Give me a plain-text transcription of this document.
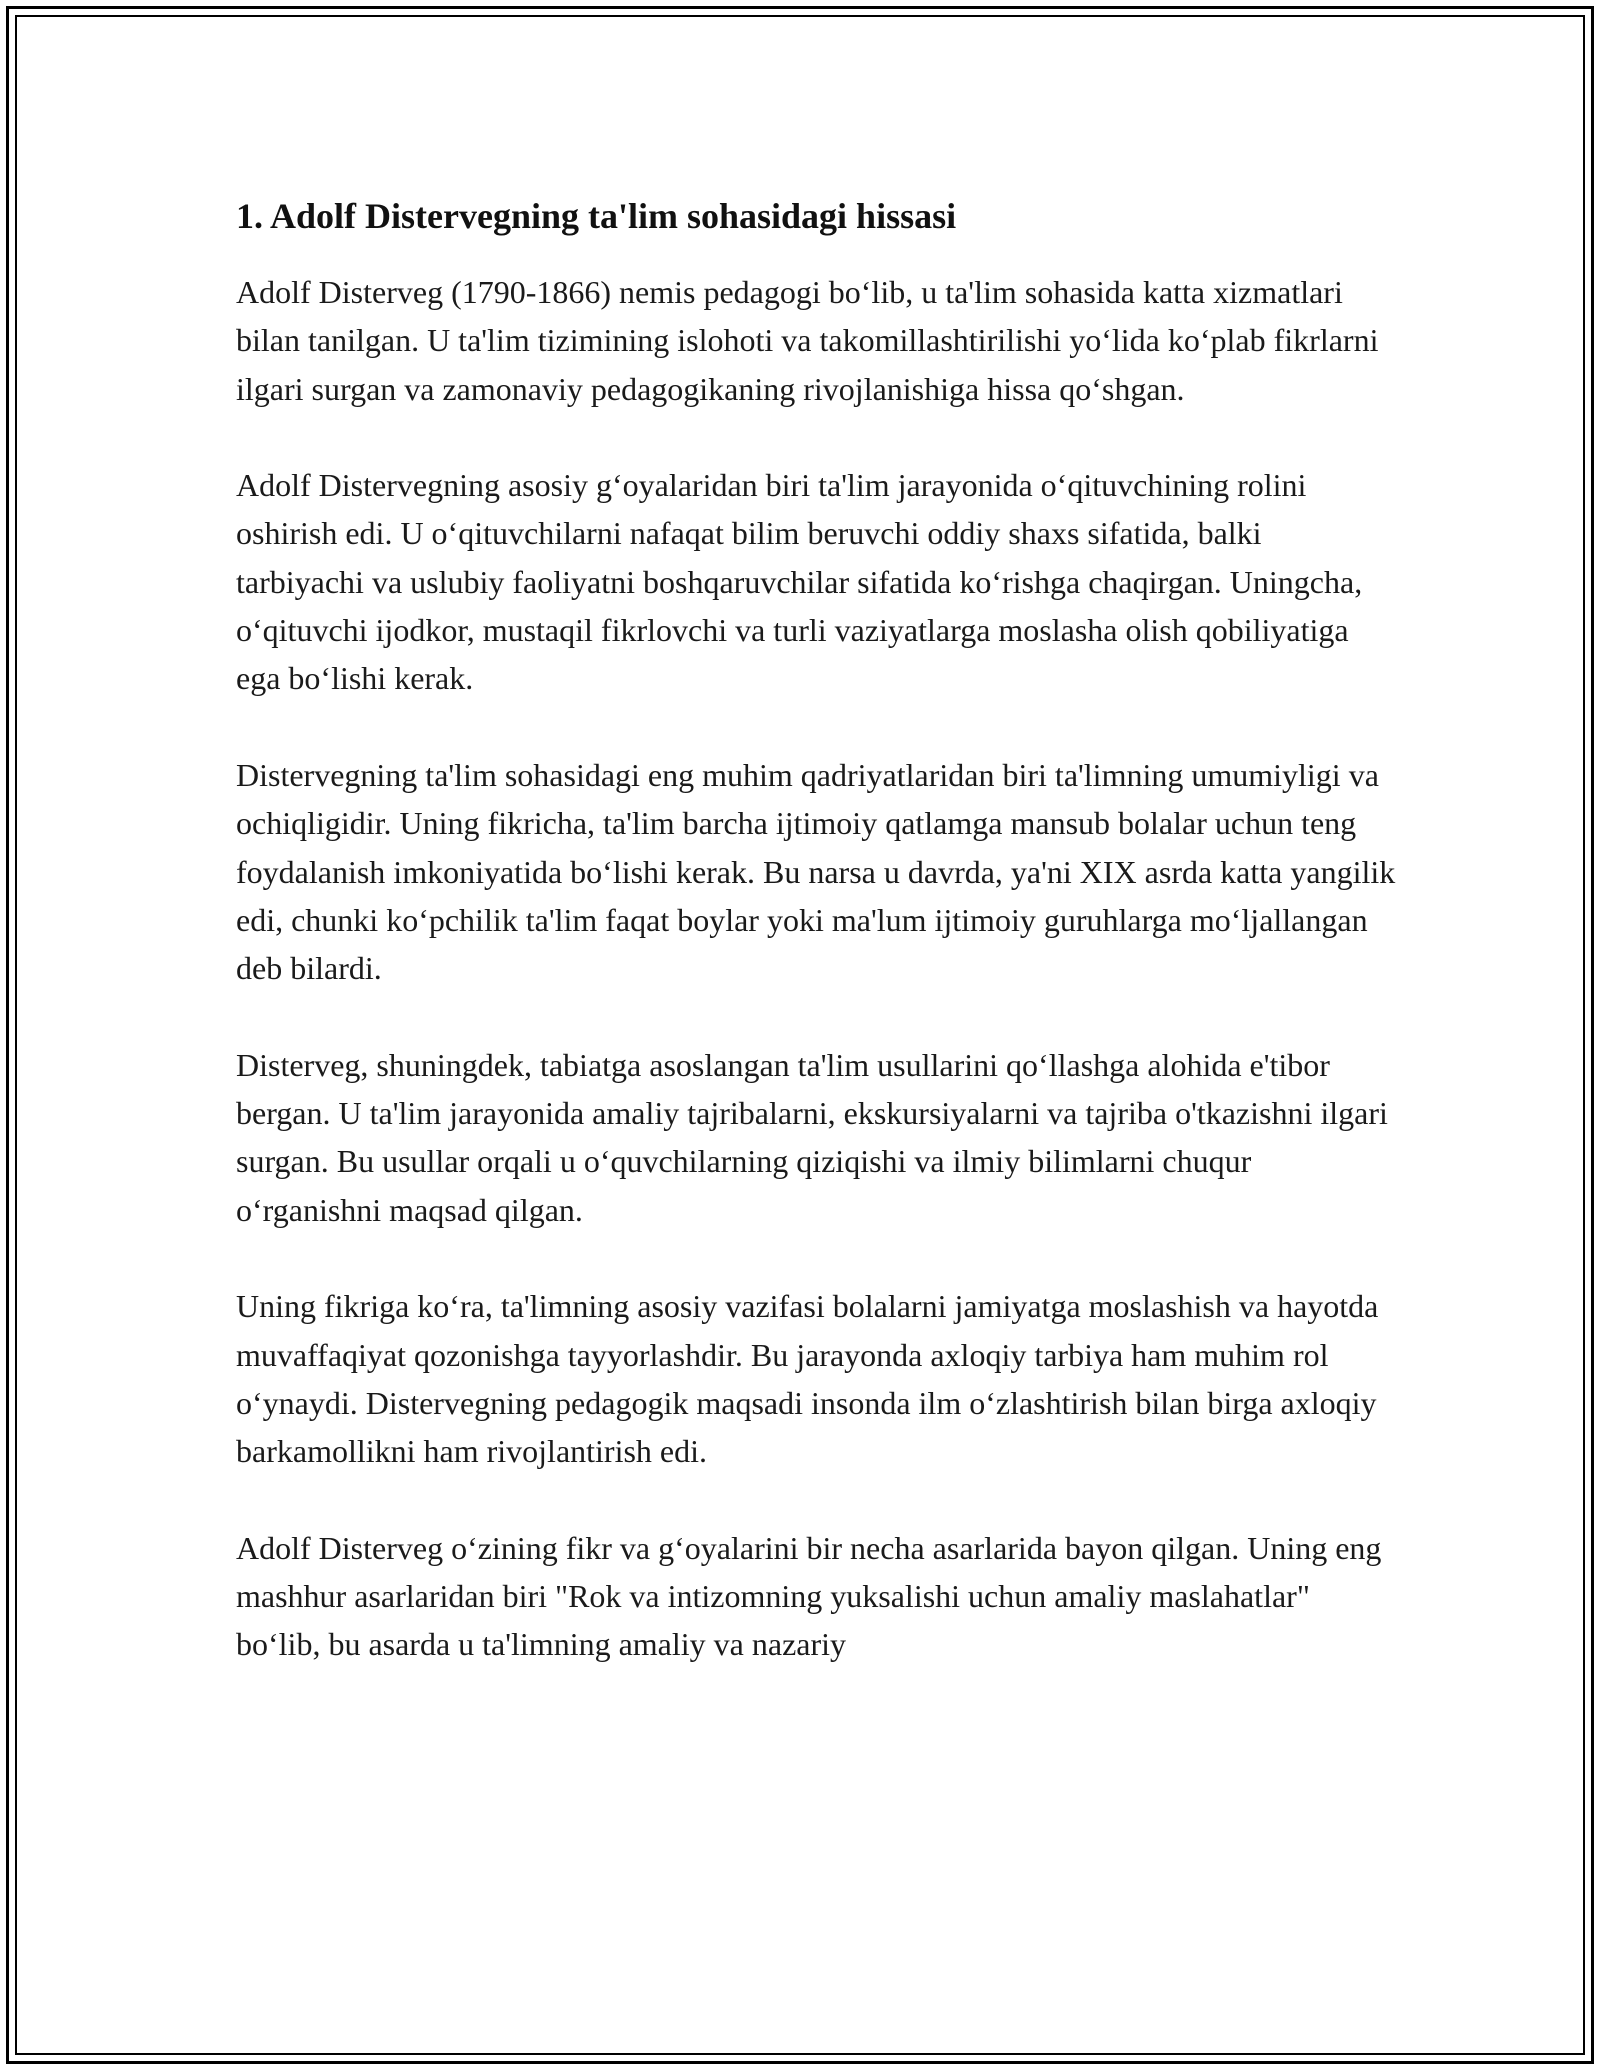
1. Adolf Distervegning ta'lim sohasidagi hissasi

Adolf Disterveg (1790-1866) nemis pedagogi bo‘lib, u ta'lim sohasida katta xizmatlari bilan tanilgan. U ta'lim tizimining islohoti va takomillashtirilishi yo‘lida ko‘plab fikrlarni ilgari surgan va zamonaviy pedagogikaning rivojlanishiga hissa qo‘shgan.

Adolf Distervegning asosiy g‘oyalaridan biri ta'lim jarayonida o‘qituvchining rolini oshirish edi. U o‘qituvchilarni nafaqat bilim beruvchi oddiy shaxs sifatida, balki tarbiyachi va uslubiy faoliyatni boshqaruvchilar sifatida ko‘rishga chaqirgan. Uningcha, o‘qituvchi ijodkor, mustaqil fikrlovchi va turli vaziyatlarga moslasha olish qobiliyatiga ega bo‘lishi kerak.

Distervegning ta'lim sohasidagi eng muhim qadriyatlaridan biri ta'limning umumiyligi va ochiqligidir. Uning fikricha, ta'lim barcha ijtimoiy qatlamga mansub bolalar uchun teng foydalanish imkoniyatida bo‘lishi kerak. Bu narsa u davrda, ya'ni XIX asrda katta yangilik edi, chunki ko‘pchilik ta'lim faqat boylar yoki ma'lum ijtimoiy guruhlarga mo‘ljallangan deb bilardi.

Disterveg, shuningdek, tabiatga asoslangan ta'lim usullarini qo‘llashga alohida e'tibor bergan. U ta'lim jarayonida amaliy tajribalarni, ekskursiyalarni va tajriba o'tkazishni ilgari surgan. Bu usullar orqali u o‘quvchilarning qiziqishi va ilmiy bilimlarni chuqur o‘rganishni maqsad qilgan.

Uning fikriga ko‘ra, ta'limning asosiy vazifasi bolalarni jamiyatga moslashish va hayotda muvaffaqiyat qozonishga tayyorlashdir. Bu jarayonda axloqiy tarbiya ham muhim rol o‘ynaydi. Distervegning pedagogik maqsadi insonda ilm o‘zlashtirish bilan birga axloqiy barkamollikni ham rivojlantirish edi.

Adolf Disterveg o‘zining fikr va g‘oyalarini bir necha asarlarida bayon qilgan. Uning eng mashhur asarlaridan biri "Rok va intizomning yuksalishi uchun amaliy maslahatlar" bo‘lib, bu asarda u ta'limning amaliy va nazariy
